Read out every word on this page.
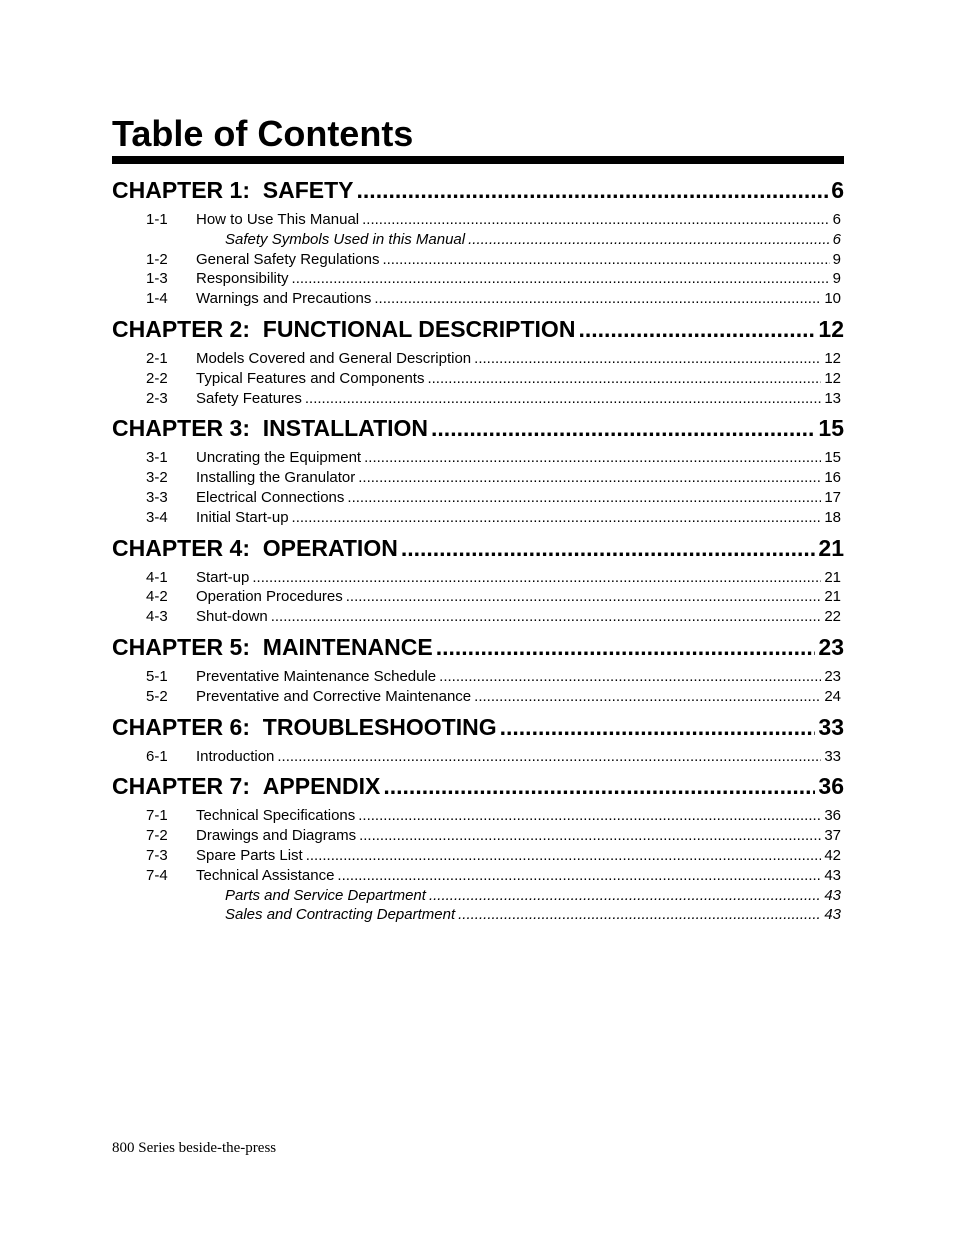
Table of Contents
CHAPTER 1:  SAFETY .....	6
1-1	How to Use This Manual .....	6
Safety Symbols Used in this Manual .....	6
1-2	General Safety Regulations .....	9
1-3	Responsibility .....	9
1-4	Warnings and Precautions .....	10
CHAPTER 2:  FUNCTIONAL DESCRIPTION .....	12
2-1	Models Covered and General Description .....	12
2-2	Typical Features and Components .....	12
2-3	Safety Features .....	13
CHAPTER 3:  INSTALLATION .....	15
3-1	Uncrating the Equipment .....	15
3-2	Installing the Granulator .....	16
3-3	Electrical Connections .....	17
3-4	Initial Start-up .....	18
CHAPTER 4:  OPERATION .....	21
4-1	Start-up .....	21
4-2	Operation Procedures .....	21
4-3	Shut-down .....	22
CHAPTER 5:  MAINTENANCE .....	23
5-1	Preventative Maintenance Schedule .....	23
5-2	Preventative and Corrective Maintenance .....	24
CHAPTER 6:  TROUBLESHOOTING .....	33
6-1	Introduction .....	33
CHAPTER 7:  APPENDIX .....	36
7-1	Technical Specifications .....	36
7-2	Drawings and Diagrams .....	37
7-3	Spare Parts List .....	42
7-4	Technical Assistance .....	43
Parts and Service Department .....	43
Sales and Contracting Department .....	43
800 Series beside-the-press
